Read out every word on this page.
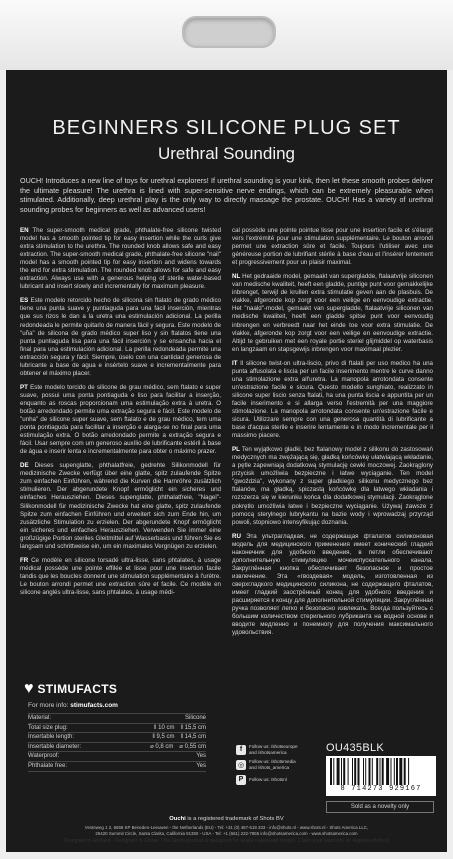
BEGINNERS SILICONE PLUG SET
Urethral Sounding
OUCH! Introduces a new line of toys for urethral explorers! If urethral sounding is your kink, then let these smooth probes deliver the ultimate pleasure! The urethra is lined with super-sensitive nerve endings, which can be extremely pleasurable when stimulated. Additionally, deep urethral play is the only way to directly massage the prostate. OUCH! Has a variety of urethral sounding probes for beginners as well as advanced users!

EN The super-smooth medical grade, phthalate-free silicone twisted model has a smooth pointed tip for easy insertion while the curls give extra stimulation to the urethra. The rounded knob allows safe and easy extraction. The super-smooth medical grade, phthalate-free silicone "nail" model has a smooth pointed tip for easy insertion and widens towards the end for extra stimulation. The rounded knob allows for safe and easy extraction. Always use with a generous helping of sterile water-based lubricant and insert slowly and incrementally for maximum pleasure.

ES Este modelo retorcido hecho de silicona sin ftalato de grado médico tiene una punta suave y puntiaguda para una fácil inserción, mientras que sus rizos le dan a la uretra una estimulación adicional. La perilla redondeada le permite quitarlo de manera fácil y segura. Este modelo de "uña" de silicona de grado médico super liso y sin ftalatos tiene una punta puntiaguda lisa para una fácil inserción y se ensancha hacia el final para una estimulación adicional. La perilla redondeada permite una extracción segura y fácil. Siempre, úselo con una cantidad generosa de lubricante a base de agua e insértelo suave e incrementalmente para obtener el máximo placer.

PT Este modelo torcido de silicone de grau médico, sem ftalato e super suave, possui uma ponta pontiaguda e liso para facilitar a inserção, enquanto as roscas proporcionam uma estimulação extra à uretra. O botão arredondado permite uma extração segura e fácil. Este modelo de "unha" de silicone super suave, sem ftalato e de grau médico, tem uma ponta pontiaguda para facilitar a inserção e alarga-se no final para uma estimulação extra. O botão arredondado permite a extração segura e fácil. Usar sempre com um generoso auxílio de lubrificante estéril à base de água e inserir lenta e incrementalmente para obter o máximo prazer.

DE Dieses supenglatte, phthalatfreie, gedrehte Silikonmodell für medizinische Zwecke verfügt über eine glatte, spitz zulaufende Spitze zum einfachen Einführen, während die Kurven die Harnröhre zusätzlich stimulieren. Der abgerundete Knopf ermöglicht ein sicheres und einfaches Herausziehen. Dieses supenglatte, phthalatfreie, "Nagel"-Silikonmodell für medizinische Zwecke hat eine glatte, spitz zulaufende Spitze zum einfachen Einführen und erweitert sich zum Ende hin, um zusätzliche Stimulation zu erzielen. Der abgerundete Knopf ermöglicht ein sicheres und einfaches Herausziehen. Verwenden Sie immer eine großzügige Portion steriles Gleitmittel auf Wasserbasis und führen Sie es langsam und schrittweise ein, um ein maximales Vergnügen zu erzielen.

FR Ce modèle en silicone torsadé ultra-lisse, sans phtalates, à usage médical possède une pointe effilée et lisse pour une insertion facile tandis que les boucles donnent une stimulation supplémentaire à l'urètre. Le bouton arrondi permet une extraction sûre et facile. Ce modèle en silicone anglés ultra-lisse, sans phtalates, à usage médi-

cal possède une pointe pointue lisse pour une insertion facile et s'élargit vers l'extrémité pour une stimulation supplémentaire. Le bouton arrondi permet une extraction sûre et facile. Toujours l'utiliser avec une généreuse portion de lubrifiant stérile à base d'eau et l'insérer lentement et progressivement pour un plaisir maximal.

NL Het gedraaide model, gemaakt van supergladde, ftalaatvrije siliconen van medische kwaliteit, heeft een gladde, puntige punt voor gemakkelijke inbrenget, terwijl de krullen extra stimulatie geven aan de plasbuis. De vlakke, afgeronde kop zorgt voor een veilige en eenvoudige extractie. Het "naald"-model, gemaakt van supergladde, ftalaatvrije siliconen van medische kwaliteit, heeft een gladde spitse punt voor eenvoudig inbrengen en verbreedt naar het einde toe voor extra stimulatie. De vlakke, afgeronde kop zorgt voor een veilige en eenvoudige extractie. Altijd te gebruiken met een royale portie steriel glijmiddel op waterbasis en langzaam en stapsgewijs inbrengen voor maximaal plezier.

IT Il silicone twist-on ultra-liscio, privo di ftalati per uso medico ha una punta affusolata e liscia per un facile inserimento mentre le curve danno una stimolazione extra all'uretra. La manopola arrotondata consente un'estrazione facile e sicura. Questo modello sunghiato, realizzato in silicone super liscio senza ftalati, ha una punta liscia e appuntita per un facile inserimento e si allarga verso l'estremità per una maggiore stimolazione. La manopola arrotondata consente un'estrazione facile e sicura. Utilizzare sempre con una generosa quantità di lubrificante a base d'acqua sterile e inserire lentamente e in modo incrementale per il massimo piacere.

PL Ten wyjątkowo gładki, bez ftalanowy model z silikonu do zastosowań medycznych ma zwężającą się, gładką końcówkę ułatwiającą wkładanie, a pętle zapewniają dodatkową stymulację cewki moczowej. Zaokrąglony przycisk umożliwia bezpieczne i łatwe wyciąganie. Ten model "gwoździa", wykonany z super gładkiego silikonu medycznego bez ftalanów, ma gładką, spiczastą końcówkę dla łatwego wkładania i rozszerza się w kierunku końca dla dodatkowej stymulacji. Zaokrąglone pokrętło umożliwia łatwe i bezpieczne wyciąganie. Używaj zawsze z pomocą sterylnego lubrykantu na bazie wody i wprowadzaj przyrząd powoli, stopniowo intensyfikując doznania.

RU Эта ультрагладкая, не содержащая фталатов силиконовая модель для медицинского применения имеет конический гладкий наконечник для удобного введения, в петли обеспечивают дополнительную стимуляцию мочеиспускательного канала. Закруглённая кнопка обеспечивает безопасное и простое извлечение. Эта «гвоздевая» модель, изготовленная из сверхгладкого медицинского силикона, не содержащего фталатов, имеет гладкий заострённый конец для удобного введения и расширяется к концу для дополнительной стимуляции. Закруглённая ручка позволяет легко и безопасно извлекать. Всегда пользуйтесь с большим количеством стерильного лубриканта на водной основе и вводите медленно и понемногу для получения максимального удовольствия.

♥ STIMUFACTS
For more info: stimufacts.com
Material:	Silicone
Total size plug:	‖ 10 cm ‖ 15,5 cm
Insertable length:	‖ 9,5 cm ‖ 14,5 cm
Insertable diameter:	⌀ 0,8 cm ⌀ 0,55 cm
Waterproof:	Yes
Phthalate free:	Yes
f	Follow us: /shotseurope
and /shotsamerica
◎	Follow us: /shotsmedia
and /shots_america
P	Follow us: /shotsnl
OU435BLK
8 714273 929167
Sold as a novelty only
Ouchi is a registered trademark of Shots BV
Vesteweg 1 2, 6658 KP Beneden-Leeuwen - the Netherlands (EU) - Tel: +31 (0) 487-519 333 - info@shots.nl - www.shots.nl - Shots America LLC,
26420 Summit Circle, Santa Clarita, California 91350 - USA - Tel: +1 (661) 222-7855 info@shotsamerica.com - www.shotsamerica.com
Designed in Holland - Designed in China. This Shots product is designed for single registered design. Claim your warranty at: register.shots.nl
